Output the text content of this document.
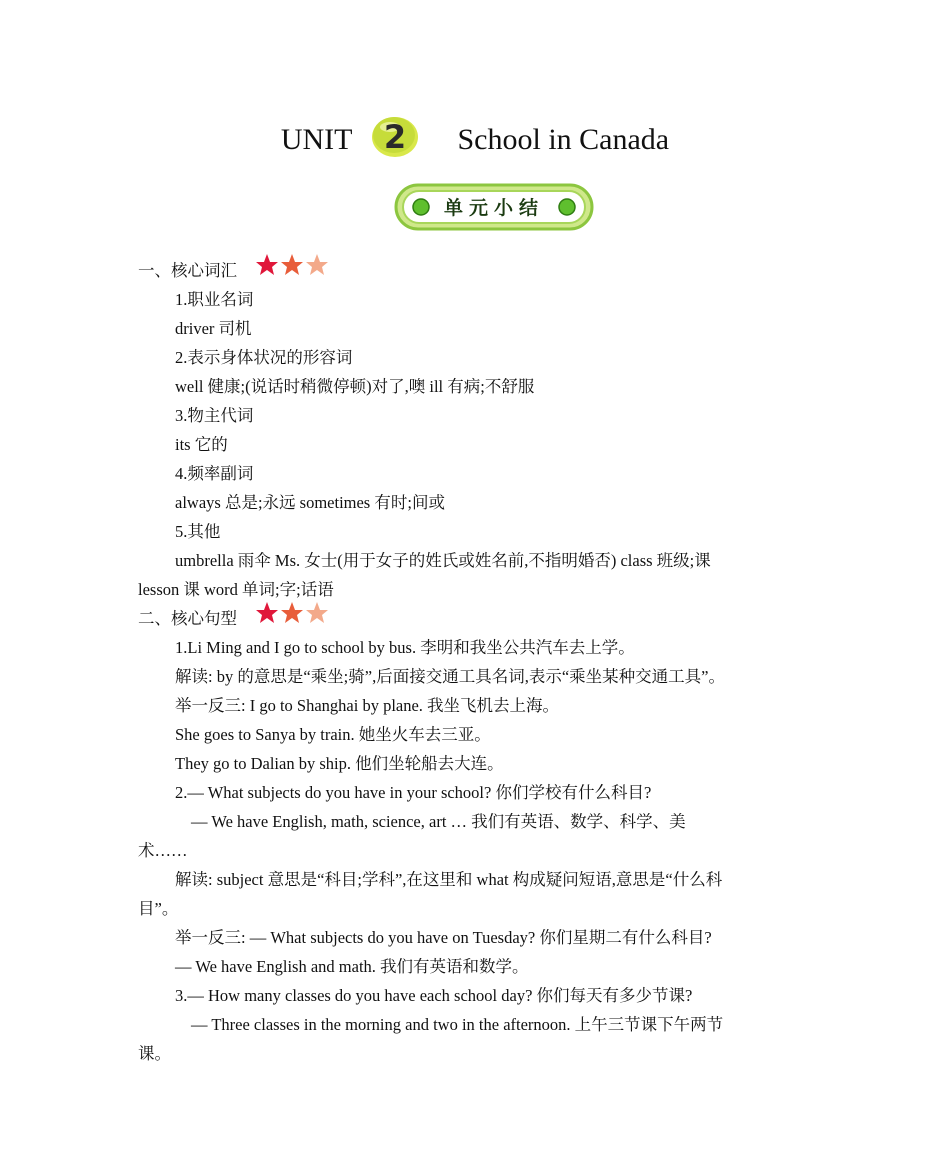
UNIT 2 School in Canada
单元小结
一、核心词汇
1.职业名词
driver 司机
2.表示身体状况的形容词
well 健康;(说话时稍微停顿)对了,噢 ill 有病;不舒服
3.物主代词
its 它的
4.频率副词
always 总是;永远 sometimes 有时;间或
5.其他
umbrella 雨伞 Ms. 女士(用于女子的姓氏或姓名前,不指明婚否) class 班级;课
lesson 课 word 单词;字;话语
二、核心句型
1.Li Ming and I go to school by bus. 李明和我坐公共汽车去上学。
解读: by 的意思是“乘坐;骑”,后面接交通工具名词,表示“乘坐某种交通工具”。
举一反三: I go to Shanghai by plane. 我坐飞机去上海。
She goes to Sanya by train. 她坐火车去三亚。
They go to Dalian by ship. 他们坐轮船去大连。
2.— What subjects do you have in your school? 你们学校有什么科目?
— We have English, math, science, art … 我们有英语、数学、科学、美
术……
解读: subject 意思是“科目;学科”,在这里和 what 构成疑问短语,意思是“什么科
目”。
举一反三: — What subjects do you have on Tuesday? 你们星期二有什么科目?
— We have English and math. 我们有英语和数学。
3.— How many classes do you have each school day? 你们每天有多少节课?
— Three classes in the morning and two in the afternoon. 上午三节课下午两节
课。
